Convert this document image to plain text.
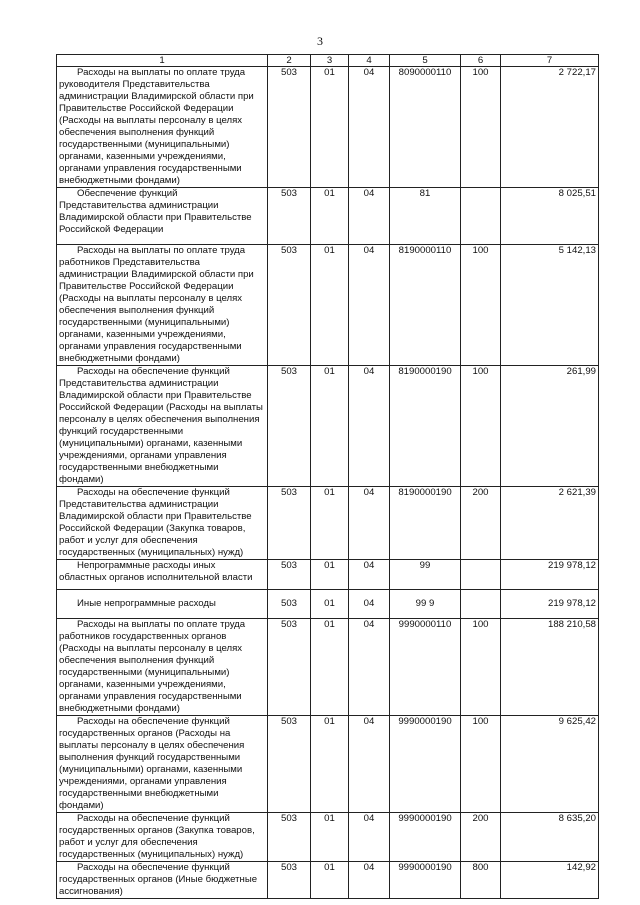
3
1	2	3	4	5	6	7

Расходы на выплаты по оплате труда руководителя Представительства администрации Владимирской области при Правительстве Российской Федерации (Расходы на выплаты персоналу в целях обеспечения выполнения функций государственными (муниципальными) органами, казенными учреждениями, органами управления государственными внебюджетными фондами)	503	01	04	8090000110	100	2 722,17

Обеспечение функций Представительства администрации Владимирской области при Правительстве Российской Федерации	503	01	04	81		8 025,51

Расходы на выплаты по оплате труда работников Представительства администрации Владимирской области при Правительстве Российской Федерации (Расходы на выплаты персоналу в целях обеспечения выполнения функций государственными (муниципальными) органами, казенными учреждениями, органами управления государственными внебюджетными фондами)	503	01	04	8190000110	100	5 142,13

Расходы на обеспечение функций Представительства администрации Владимирской области при Правительстве Российской Федерации (Расходы на выплаты персоналу в целях обеспечения выполнения функций государственными (муниципальными) органами, казенными учреждениями, органами управления государственными внебюджетными фондами)	503	01	04	8190000190	100	261,99

Расходы на обеспечение функций Представительства администрации Владимирской области при Правительстве Российской Федерации (Закупка товаров, работ и услуг для обеспечения государственных (муниципальных) нужд)	503	01	04	8190000190	200	2 621,39

Непрограммные расходы иных областных органов исполнительной власти	503	01	04	99		219 978,12

Иные непрограммные расходы	503	01	04	99 9		219 978,12

Расходы на выплаты по оплате труда работников государственных органов (Расходы на выплаты персоналу в целях обеспечения выполнения функций государственными (муниципальными) органами, казенными учреждениями, органами управления государственными внебюджетными фондами)	503	01	04	9990000110	100	188 210,58

Расходы на обеспечение функций государственных органов (Расходы на выплаты персоналу в целях обеспечения выполнения функций государственными (муниципальными) органами, казенными учреждениями, органами управления государственными внебюджетными фондами)	503	01	04	9990000190	100	9 625,42

Расходы на обеспечение функций государственных органов (Закупка товаров, работ и услуг для обеспечения государственных (муниципальных) нужд)	503	01	04	9990000190	200	8 635,20

Расходы на обеспечение функций государственных органов (Иные бюджетные ассигнования)	503	01	04	9990000190	800	142,92
